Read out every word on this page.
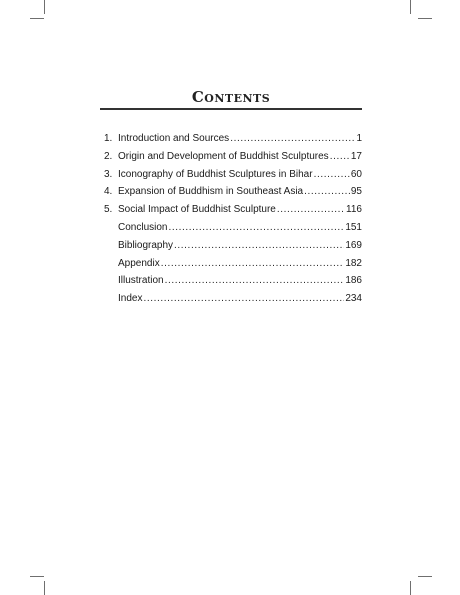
Contents
1. Introduction and Sources .....	1
2. Origin and Development of Buddhist Sculptures ..... 17
3. Iconography of Buddhist Sculptures in Bihar .....	60
4. Expansion of Buddhism in Southeast Asia .....	95
5. Social Impact of Buddhist Sculpture .....	116
Conclusion .....	151
Bibliography .....	169
Appendix .....	182
Illustration .....	186
Index .....	234
